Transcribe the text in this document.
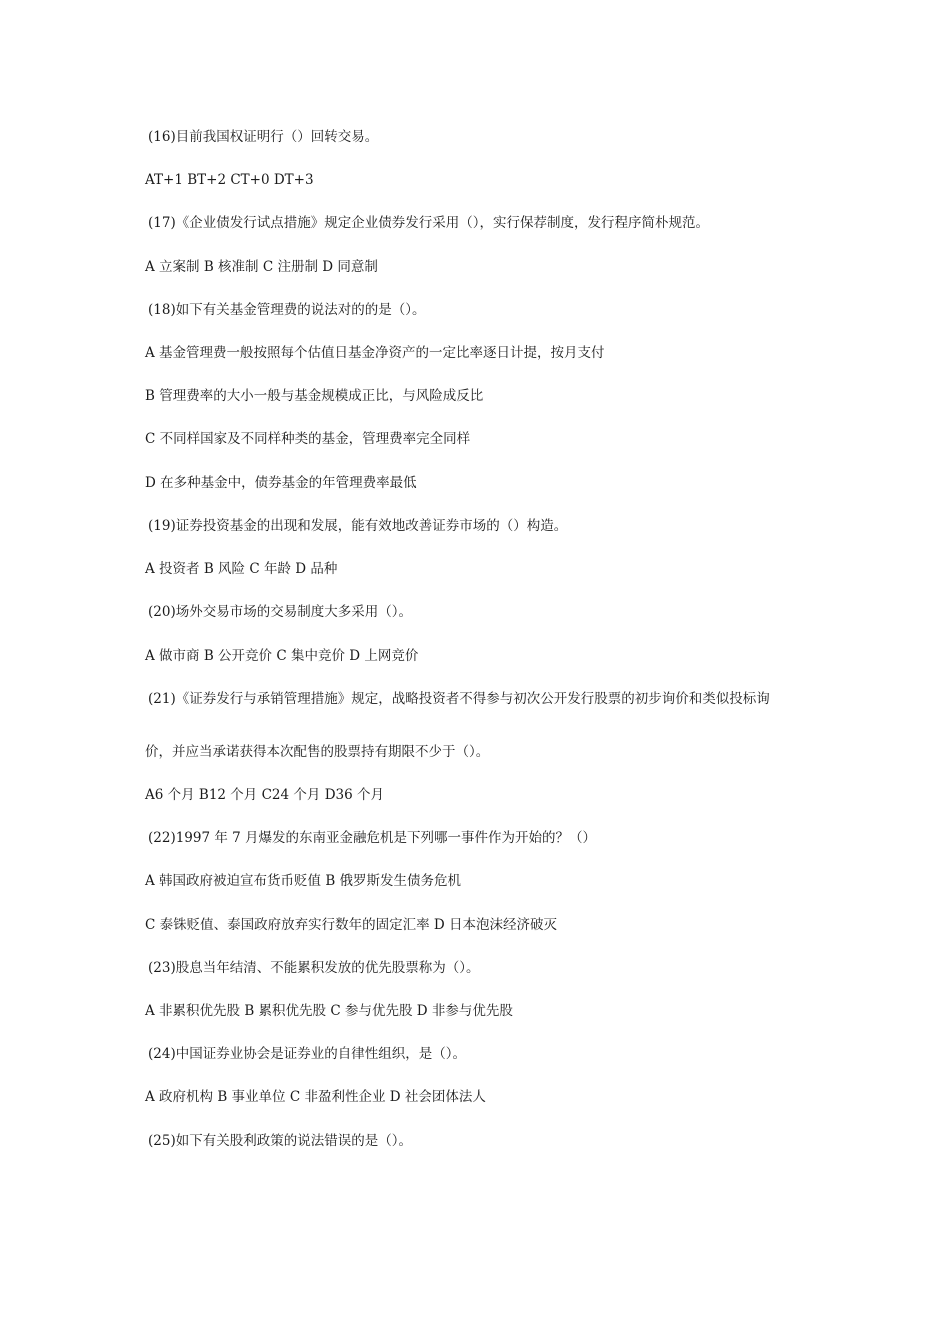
(16)目前我国权证明行（）回转交易。
AT+1 BT+2 CT+0 DT+3
(17)《企业债发行试点措施》规定企业债券发行采用（），实行保荐制度，发行程序简朴规范。
A 立案制 B 核准制 C 注册制 D 同意制
(18)如下有关基金管理费的说法对的的是（）。
A 基金管理费一般按照每个估值日基金净资产的一定比率逐日计提，按月支付
B 管理费率的大小一般与基金规模成正比，与风险成反比
C 不同样国家及不同样种类的基金，管理费率完全同样
D 在多种基金中，债券基金的年管理费率最低
(19)证券投资基金的出现和发展，能有效地改善证券市场的（）构造。
A 投资者 B 风险 C 年龄 D 品种
(20)场外交易市场的交易制度大多采用（）。
A 做市商 B 公开竞价 C 集中竞价 D 上网竞价
(21)《证券发行与承销管理措施》规定，战略投资者不得参与初次公开发行股票的初步询价和类似投标询
价，并应当承诺获得本次配售的股票持有期限不少于（）。
A6 个月 B12 个月 C24 个月 D36 个月
(22)1997 年 7 月爆发的东南亚金融危机是下列哪一事件作为开始的？（）
A 韩国政府被迫宣布货币贬值 B 俄罗斯发生债务危机
C 泰铢贬值、泰国政府放弃实行数年的固定汇率 D 日本泡沫经济破灭
(23)股息当年结清、不能累积发放的优先股票称为（）。
A 非累积优先股 B 累积优先股 C 参与优先股 D 非参与优先股
(24)中国证券业协会是证券业的自律性组织，是（）。
A 政府机构 B 事业单位 C 非盈利性企业 D 社会团体法人
(25)如下有关股利政策的说法错误的是（）。
